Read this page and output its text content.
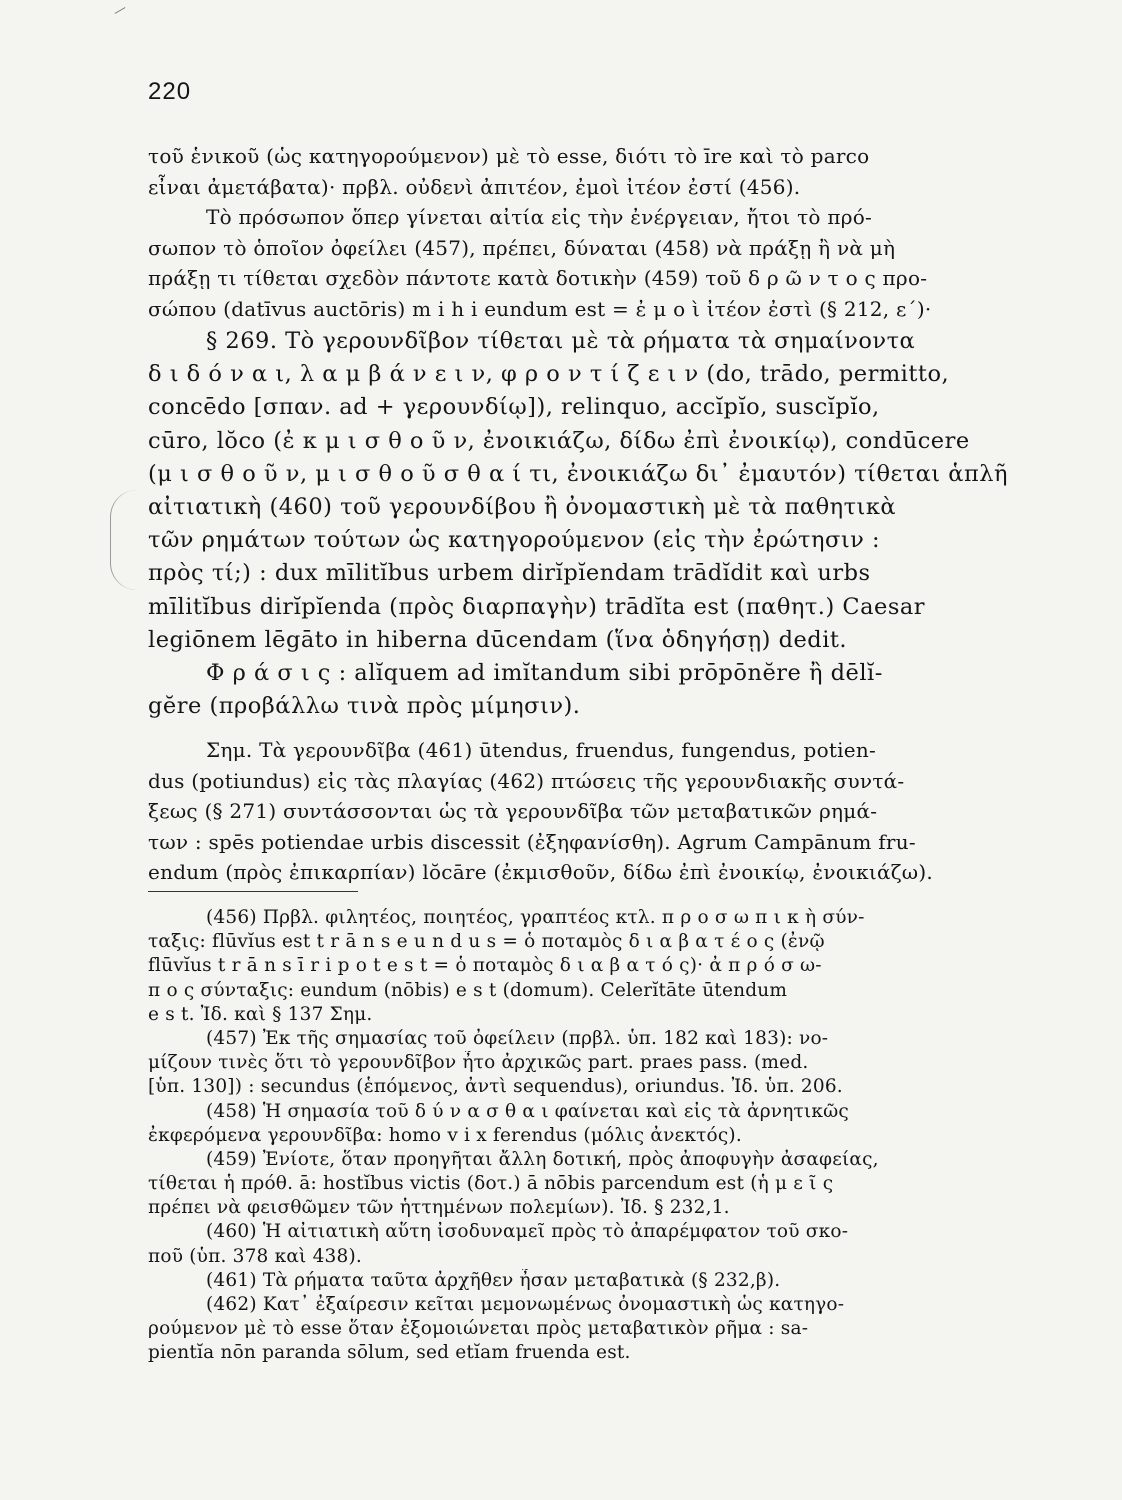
220
τοῦ ἑνικοῦ (ὡς κατηγορούμενον) μὲ τὸ esse, διότι τὸ īre καὶ τὸ parco
εἶναι ἀμετάβατα)· πρβλ. οὐδενὶ ἀπιτέον, ἐμοὶ ἰτέον ἐστί (456).
Τὸ πρόσωπον ὅπερ γίνεται αἰτία εἰς τὴν ἐνέργειαν, ἤτοι τὸ πρό-
σωπον τὸ ὁποῖον ὀφείλει (457), πρέπει, δύναται (458) νὰ πράξῃ ἢ νὰ μὴ
πράξῃ τι τίθεται σχεδὸν πάντοτε κατὰ δοτικὴν (459) τοῦ δ ρ ῶ ν τ ο ς προ-
σώπου (datīvus auctōris) m i h i eundum est = ἐ μ ο ὶ ἰτέον ἐστὶ (§ 212, ε΄)·
§ 269. Τὸ γερουνδῖβον τίθεται μὲ τὰ ρήματα τὰ σημαίνοντα
δ ι δ ό ν α ι, λ α μ β ά ν ε ι ν, φ ρ ο ν τ ί ζ ε ι ν (do, trādo, permitto,
concēdo [σπαν. ad + γερουνδίῳ]), relinquo, accĭpĭo, suscĭpĭo,
cūro, lŏco (ἐ κ μ ι σ θ ο ῦ ν, ἐνοικιάζω, δίδω ἐπὶ ἐνοικίῳ), condūcere
(μ ι σ θ ο ῦ ν, μ ι σ θ ο ῦ σ θ α ί τι, ἐνοικιάζω δι᾿ ἐμαυτόν) τίθεται ἁπλῆ
αἰτιατικὴ (460) τοῦ γερουνδίβου ἢ ὀνομαστικὴ μὲ τὰ παθητικὰ
τῶν ρημάτων τούτων ὡς κατηγορούμενον (εἰς τὴν ἐρώτησιν :
πρὸς τί;) : dux mīlitĭbus urbem dirĭpĭendam trādĭdit καὶ urbs
mīlitĭbus dirĭpĭenda (πρὸς διαρπαγὴν) trādĭta est (παθητ.) Caesar
legiōnem lēgāto in hiberna dūcendam (ἵνα ὁδηγήσῃ) dedit.
Φ ρ ά σ ι ς : alĭquem ad imĭtandum sibi prōpōnĕre ἢ dēlĭ-
gĕre (προβάλλω τινὰ πρὸς μίμησιν).
Σημ. Τὰ γερουνδῖβα (461) ūtendus, fruendus, fungendus, potien-
dus (potiundus) εἰς τὰς πλαγίας (462) πτώσεις τῆς γερουνδιακῆς συντά-
ξεως (§ 271) συντάσσονται ὡς τὰ γερουνδῖβα τῶν μεταβατικῶν ρημά-
των : spēs potiendae urbis discessit (ἐξηφανίσθη). Agrum Campānum fru-
endum (πρὸς ἐπικαρπίαν) lŏcāre (ἐκμισθοῦν, δίδω ἐπὶ ἐνοικίῳ, ἐνοικιάζω).
(456) Πρβλ. φιλητέος, ποιητέος, γραπτέος κτλ. π ρ ο σ ω π ι κ ὴ σύν-
ταξις: flūvĭus est t r ā n s e u n d u s = ὁ ποταμὸς δ ι α β α τ έ ο ς (ἐνῷ
flūvĭus t r ā n s ī r i p o t e s t = ὁ ποταμὸς δ ι α β α τ ό ς)· ἀ π ρ ό σ ω-
π ο ς σύνταξις: eundum (nōbis) e s t (domum). Celerĭtāte ūtendum
e s t. Ἰδ. καὶ § 137 Σημ.
(457) Ἐκ τῆς σημασίας τοῦ ὀφείλειν (πρβλ. ὑπ. 182 καὶ 183): νο-
μίζουν τινὲς ὅτι τὸ γερουνδῖβον ἦτο ἀρχικῶς part. praes pass. (med.
[ὑπ. 130]) : secundus (ἑπόμενος, ἀντὶ sequendus), oriundus. Ἰδ. ὑπ. 206.
(458) Ἡ σημασία τοῦ δ ύ ν α σ θ α ι φαίνεται καὶ εἰς τὰ ἀρνητικῶς
ἐκφερόμενα γερουνδῖβα: homo v i x ferendus (μόλις ἀνεκτός).
(459) Ἐνίοτε, ὅταν προηγῆται ἄλλη δοτική, πρὸς ἀποφυγὴν ἀσαφείας,
τίθεται ἡ πρόθ. ā: hostĭbus victis (δοτ.) ā nōbis parcendum est (ἡ μ ε ῖ ς
πρέπει νὰ φεισθῶμεν τῶν ἡττημένων πολεμίων). Ἰδ. § 232,1.
(460) Ἡ αἰτιατικὴ αὕτη ἰσοδυναμεῖ πρὸς τὸ ἀπαρέμφατον τοῦ σκο-
ποῦ (ὑπ. 378 καὶ 438).
(461) Τὰ ρήματα ταῦτα ἀρχῆθεν ἦσαν μεταβατικὰ (§ 232,β).
(462) Κατ᾿ ἐξαίρεσιν κεῖται μεμονωμένως ὀνομαστικὴ ὡς κατηγο-
ρούμενον μὲ τὸ esse ὅταν ἐξομοιώνεται πρὸς μεταβατικὸν ρῆμα : sa-
pientĭa nōn paranda sōlum, sed etĭam fruenda est.
